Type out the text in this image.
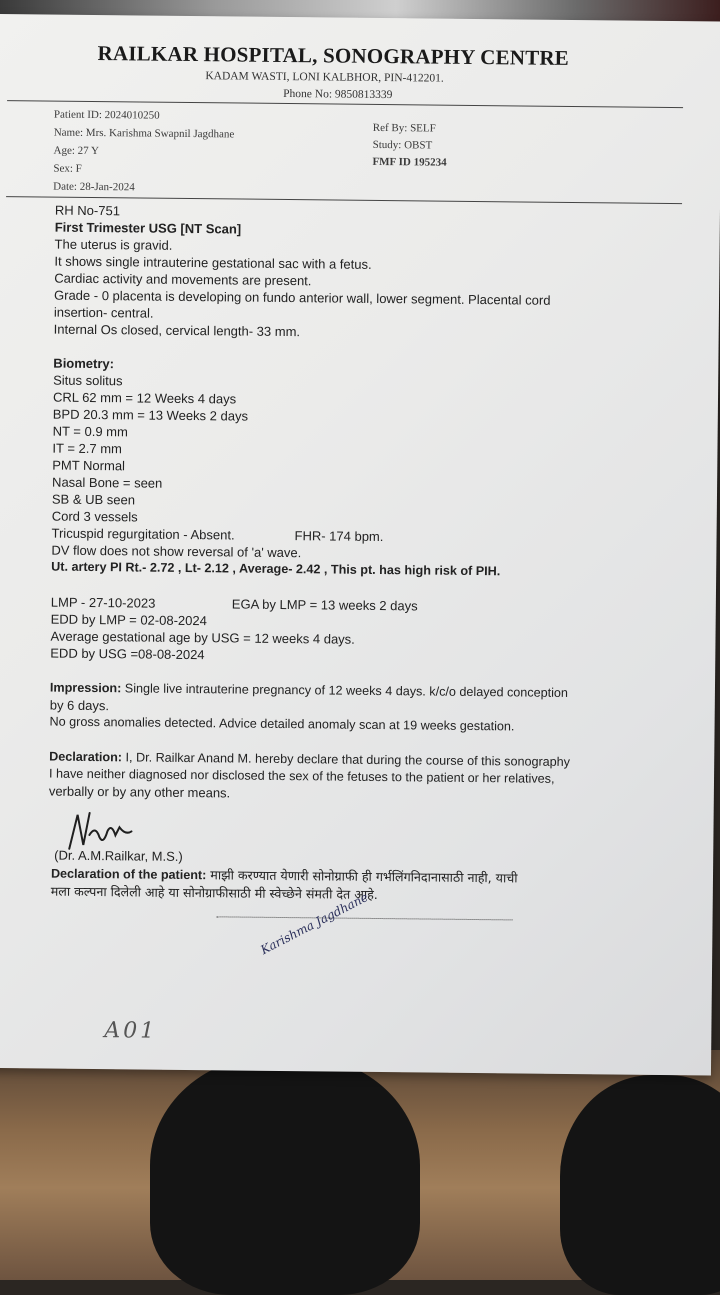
RAILKAR HOSPITAL, SONOGRAPHY CENTRE
KADAM WASTI, LONI KALBHOR, PIN-412201.
Phone No: 9850813339
Patient ID: 2024010250
Name: Mrs. Karishma Swapnil Jagdhane
Age: 27 Y
Sex: F
Date: 28-Jan-2024
Ref By: SELF
Study: OBST
FMF ID 195234
RH No-751
First Trimester USG [NT Scan]
The uterus is gravid.
It shows single intrauterine gestational sac with a fetus.
Cardiac activity and movements are present.
Grade - 0 placenta is developing on fundo anterior wall, lower segment. Placental cord
insertion- central.
Internal Os closed, cervical length- 33 mm.
Biometry:
Situs solitus
CRL 62 mm = 12 Weeks 4 days
BPD 20.3 mm = 13 Weeks 2 days
NT = 0.9 mm
IT = 2.7 mm
PMT Normal
Nasal Bone = seen
SB & UB seen
Cord 3 vessels
Tricuspid regurgitation - Absent.	FHR- 174 bpm.
DV flow does not show reversal of 'a' wave.
Ut. artery PI Rt.- 2.72 , Lt- 2.12 , Average- 2.42 , This pt. has high risk of PIH.
LMP - 27-10-2023	EGA by LMP = 13 weeks 2 days
EDD by LMP = 02-08-2024
Average gestational age by USG = 12 weeks 4 days.
EDD by USG =08-08-2024
Impression: Single live intrauterine pregnancy of 12 weeks 4 days. k/c/o delayed conception
by 6 days.
No gross anomalies detected. Advice detailed anomaly scan at 19 weeks gestation.
Declaration: I, Dr. Railkar Anand M. hereby declare that during the course of this sonography
I have neither diagnosed nor disclosed the sex of the fetuses to the patient or her relatives,
verbally or by any other means.
(Dr. A.M.Railkar, M.S.)
Declaration of the patient: माझी करण्यात येणारी सोनोग्राफी ही गर्भलिंगनिदानासाठी नाही, याची
मला कल्पना दिलेली आहे या सोनोग्राफीसाठी मी स्वेच्छेने संमती देत आहे.
Karishma Jagdhane
A01
